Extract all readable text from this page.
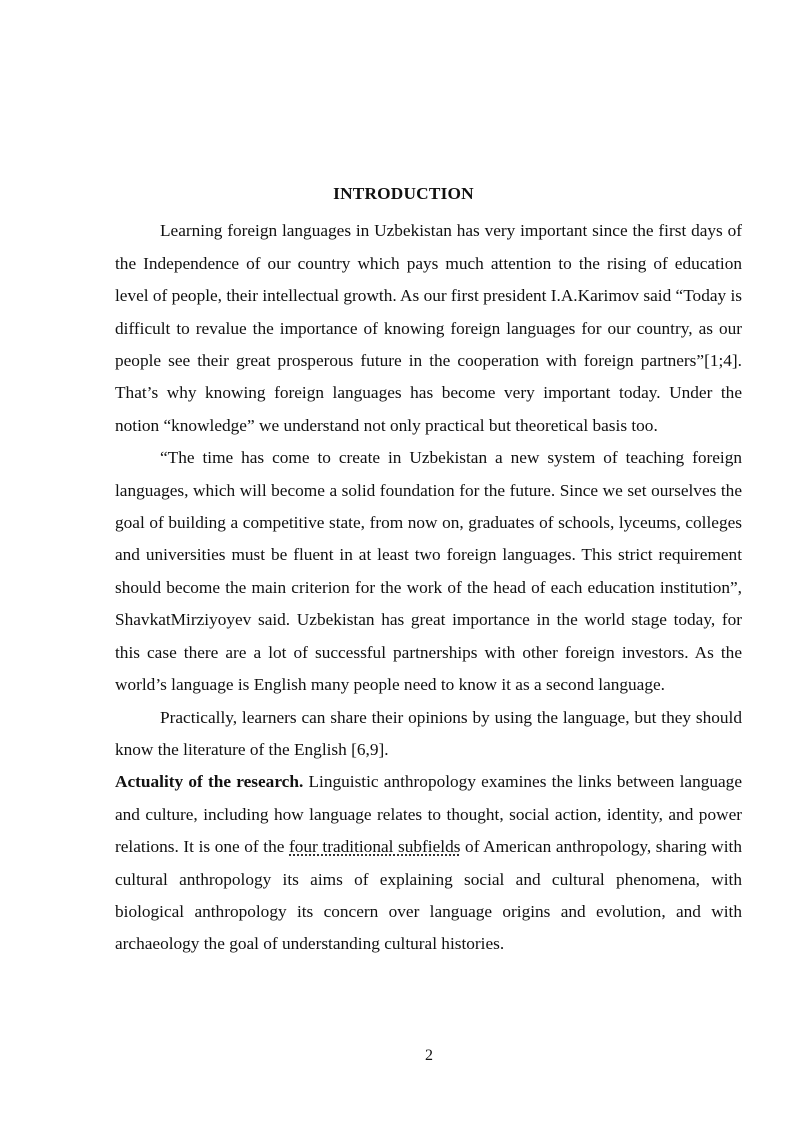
INTRODUCTION

Learning foreign languages in Uzbekistan has very important since the first days of the Independence of our country which pays much attention to the rising of education level of people, their intellectual growth. As our first president I.A.Karimov said “Today is difficult to revalue the importance of knowing foreign languages for our country, as our people see their great prosperous future in the cooperation with foreign partners”[1;4]. That’s why knowing foreign languages has become very important today. Under the notion “knowledge” we understand not only practical but theoretical basis too.

“The time has come to create in Uzbekistan a new system of teaching foreign languages, which will become a solid foundation for the future. Since we set ourselves the goal of building a competitive state, from now on, graduates of schools, lyceums, colleges and universities must be fluent in at least two foreign languages. This strict requirement should become the main criterion for the work of the head of each education institution”, ShavkatMirziyoyev said. Uzbekistan has great importance in the world stage today, for this case there are a lot of successful partnerships with other foreign investors. As the world’s language is English many people need to know it as a second language.

Practically, learners can share their opinions by using the language, but they should know the literature of the English [6,9].

Actuality of the research. Linguistic anthropology examines the links between language and culture, including how language relates to thought, social action, identity, and power relations. It is one of the four traditional subfields of American anthropology, sharing with cultural anthropology its aims of explaining social and cultural phenomena, with biological anthropology its concern over language origins and evolution, and with archaeology the goal of understanding cultural histories.

2
